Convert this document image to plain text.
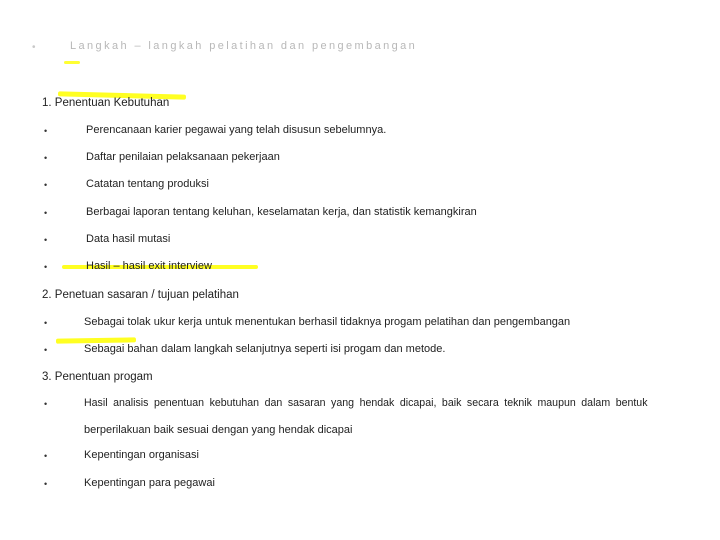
•	Langkah – langkah pelatihan dan pengembangan
1. Penentuan Kebutuhan
•	Perencanaan karier pegawai yang telah disusun sebelumnya.
•	Daftar penilaian pelaksanaan pekerjaan
•	Catatan tentang produksi
•	Berbagai laporan tentang keluhan, keselamatan kerja, dan statistik kemangkiran
•	Data hasil mutasi
•	Hasil – hasil exit interview
2. Penetuan sasaran / tujuan pelatihan
•	Sebagai tolak ukur kerja untuk menentukan berhasil tidaknya progam pelatihan dan pengembangan
•	Sebagai bahan dalam langkah selanjutnya seperti isi progam dan metode.
3. Penentuan progam
•	Hasil analisis penentuan kebutuhan dan sasaran yang hendak dicapai, baik secara teknik maupun dalam bentuk
berperilakuan baik sesuai dengan yang hendak dicapai
•	Kepentingan organisasi
•	Kepentingan para pegawai
